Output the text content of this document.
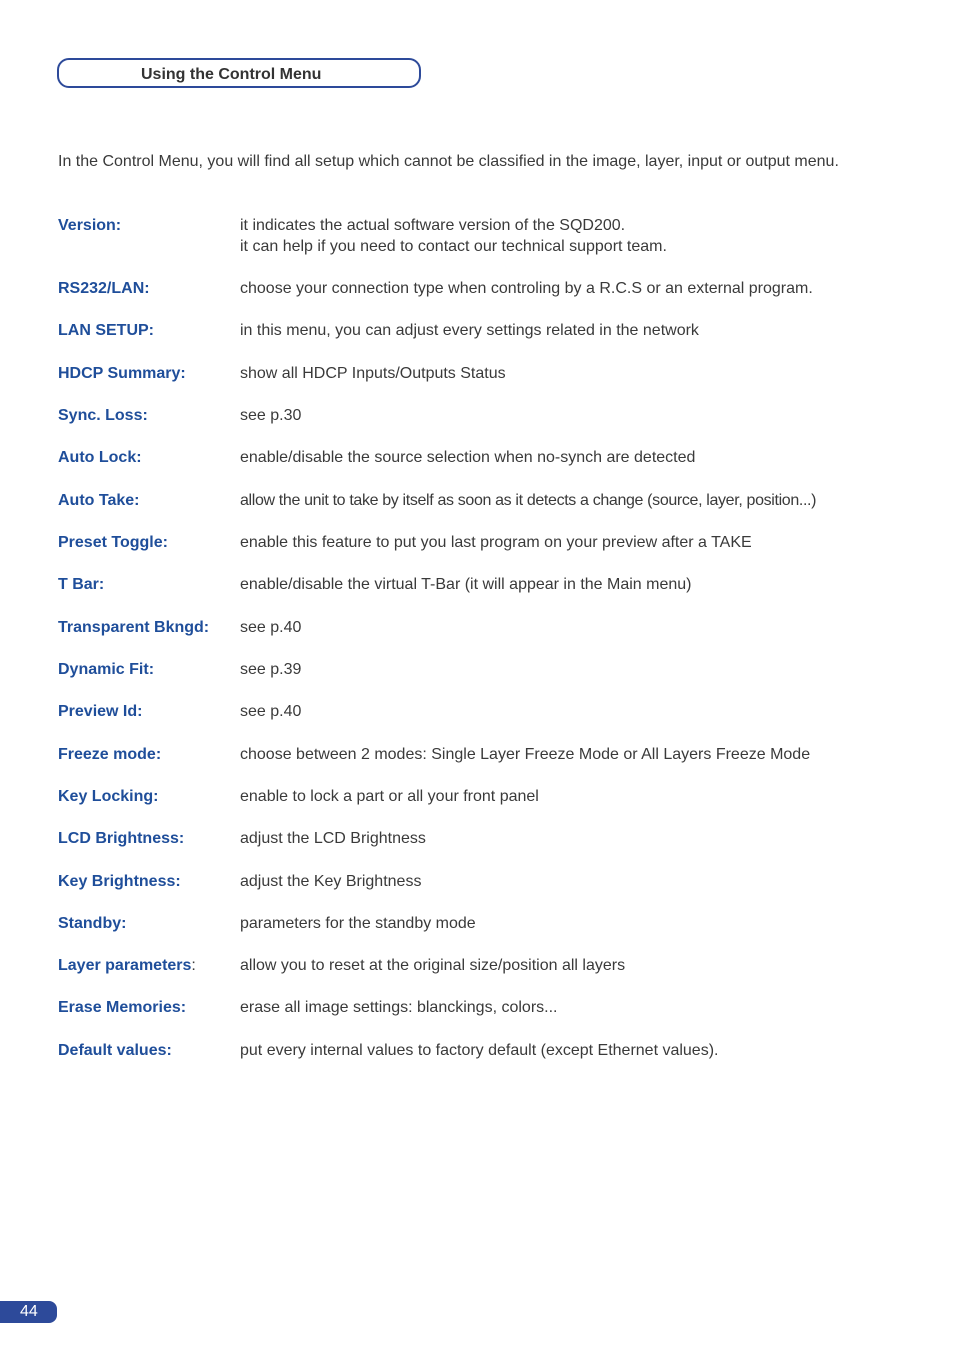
Using the Control Menu
In the Control Menu, you will find all setup which cannot be classified in the image, layer, input or output menu.
Version:	it indicates the actual software version of the SQD200.
it can help if you need to contact our technical support team.
RS232/LAN:	choose your connection type when controling by a R.C.S or an external program.
LAN SETUP:	in this menu, you can adjust every settings related in the network
HDCP Summary:	show all HDCP Inputs/Outputs Status
Sync. Loss:	see p.30
Auto Lock:	enable/disable the source selection when no-synch are detected
Auto Take:	allow the unit to take by itself as soon as it detects a change (source, layer, position...)
Preset Toggle:	enable this feature to put you last program on your preview after a TAKE
T Bar:	enable/disable the virtual T-Bar (it will appear in the Main menu)
Transparent Bkngd: see p.40
Dynamic Fit:	see p.39
Preview Id:	see p.40
Freeze mode:	choose between 2 modes: Single Layer Freeze Mode or All Layers Freeze Mode
Key Locking:	enable to lock a part or all your front panel
LCD Brightness:	adjust the LCD Brightness
Key Brightness:	adjust the Key Brightness
Standby:	parameters for the standby mode
Layer parameters:	allow you to reset at the original size/position all layers
Erase Memories:	erase all image settings: blanckings, colors...
Default values:	put every internal values to factory default (except Ethernet values).
44
